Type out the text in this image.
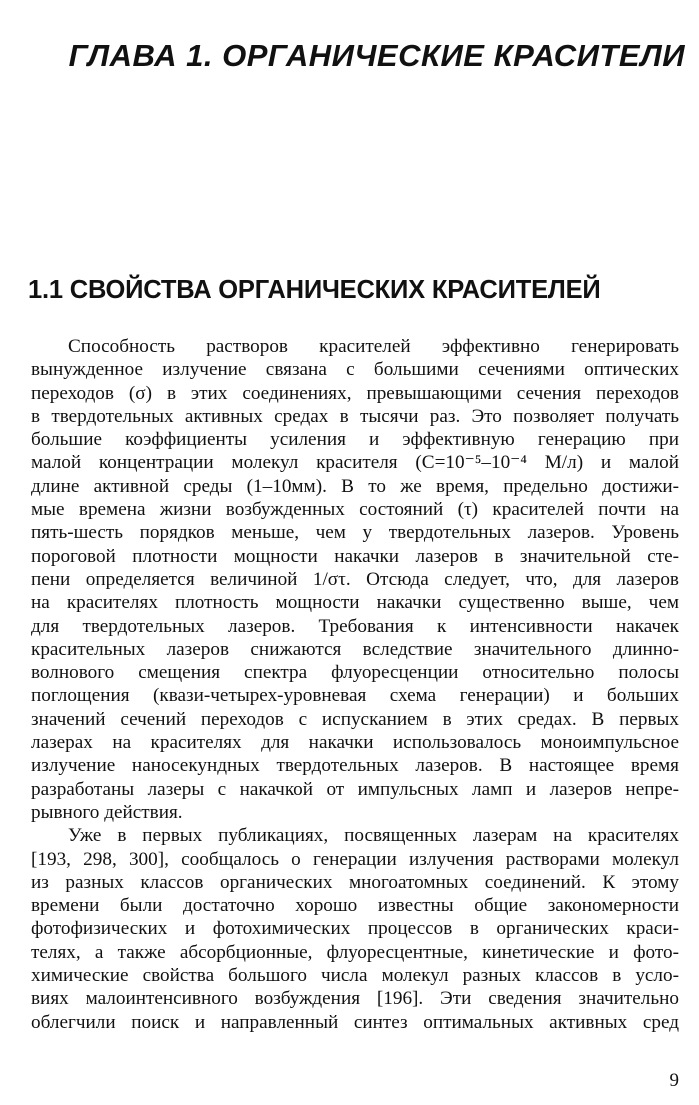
ГЛАВА 1. ОРГАНИЧЕСКИЕ КРАСИТЕЛИ
1.1 СВОЙСТВА ОРГАНИЧЕСКИХ КРАСИТЕЛЕЙ
Способность растворов красителей эффективно генерировать
вынужденное излучение связана с большими сечениями оптических
переходов (σ) в этих соединениях, превышающими сечения переходов
в твердотельных активных средах в тысячи раз. Это позволяет получать
большие коэффициенты усиления и эффективную генерацию при
малой концентрации молекул красителя (С=10⁻⁵–10⁻⁴ М/л) и малой
длине активной среды (1–10мм). В то же время, предельно достижи-
мые времена жизни возбужденных состояний (τ) красителей почти на
пять-шесть порядков меньше, чем у твердотельных лазеров. Уровень
пороговой плотности мощности накачки лазеров в значительной сте-
пени определяется величиной 1/στ. Отсюда следует, что, для лазеров
на красителях плотность мощности накачки существенно выше, чем
для твердотельных лазеров. Требования к интенсивности накачек
красительных лазеров снижаются вследствие значительного длинно-
волнового смещения спектра флуоресценции относительно полосы
поглощения (квази-четырех-уровневая схема генерации) и больших
значений сечений переходов с испусканием в этих средах. В первых
лазерах на красителях для накачки использовалось моноимпульсное
излучение наносекундных твердотельных лазеров. В настоящее время
разработаны лазеры с накачкой от импульсных ламп и лазеров непре-
рывного действия.
Уже в первых публикациях, посвященных лазерам на красителях
[193, 298, 300], сообщалось о генерации излучения растворами молекул
из разных классов органических многоатомных соединений. К этому
времени были достаточно хорошо известны общие закономерности
фотофизических и фотохимических процессов в органических краси-
телях, а также абсорбционные, флуоресцентные, кинетические и фото-
химические свойства большого числа молекул разных классов в усло-
виях малоинтенсивного возбуждения [196]. Эти сведения значительно
облегчили поиск и направленный синтез оптимальных активных сред
9
